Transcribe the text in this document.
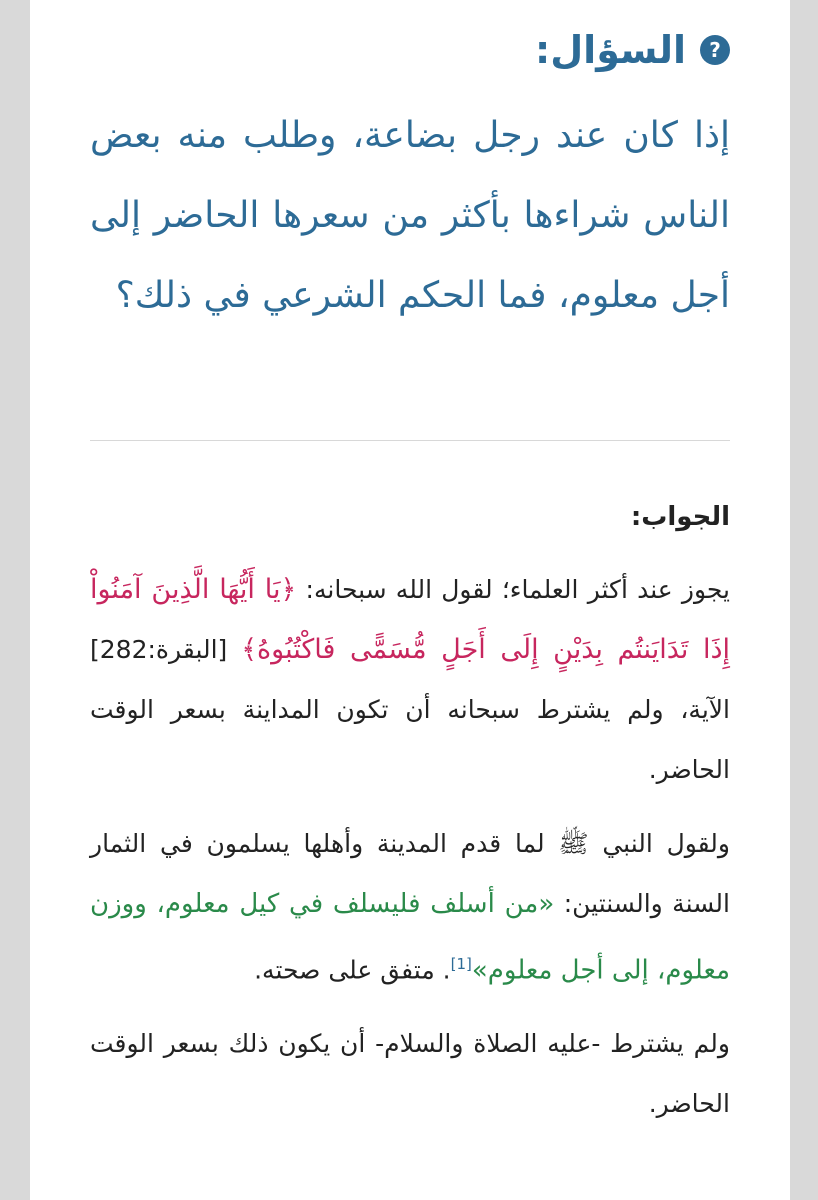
?
السؤال:
إذا كان عند رجل بضاعة، وطلب منه بعض الناس شراءها بأكثر من سعرها الحاضر إلى أجل معلوم، فما الحكم الشرعي في ذلك؟
الجواب:

يجوز عند أكثر العلماء؛ لقول الله سبحانه: ﴿يَا أَيُّهَا الَّذِينَ آمَنُواْ إِذَا تَدَايَنتُم بِدَيْنٍ إِلَى أَجَلٍ مُّسَمًّى فَاكْتُبُوهُ﴾ [البقرة:282] الآية، ولم يشترط سبحانه أن تكون المداينة بسعر الوقت الحاضر.

ولقول النبي ﷺ لما قدم المدينة وأهلها يسلمون في الثمار السنة والسنتين: «من أسلف فليسلف في كيل معلوم، ووزن معلوم، إلى أجل معلوم»[1]. متفق على صحته.

ولم يشترط -عليه الصلاة والسلام- أن يكون ذلك بسعر الوقت الحاضر.
